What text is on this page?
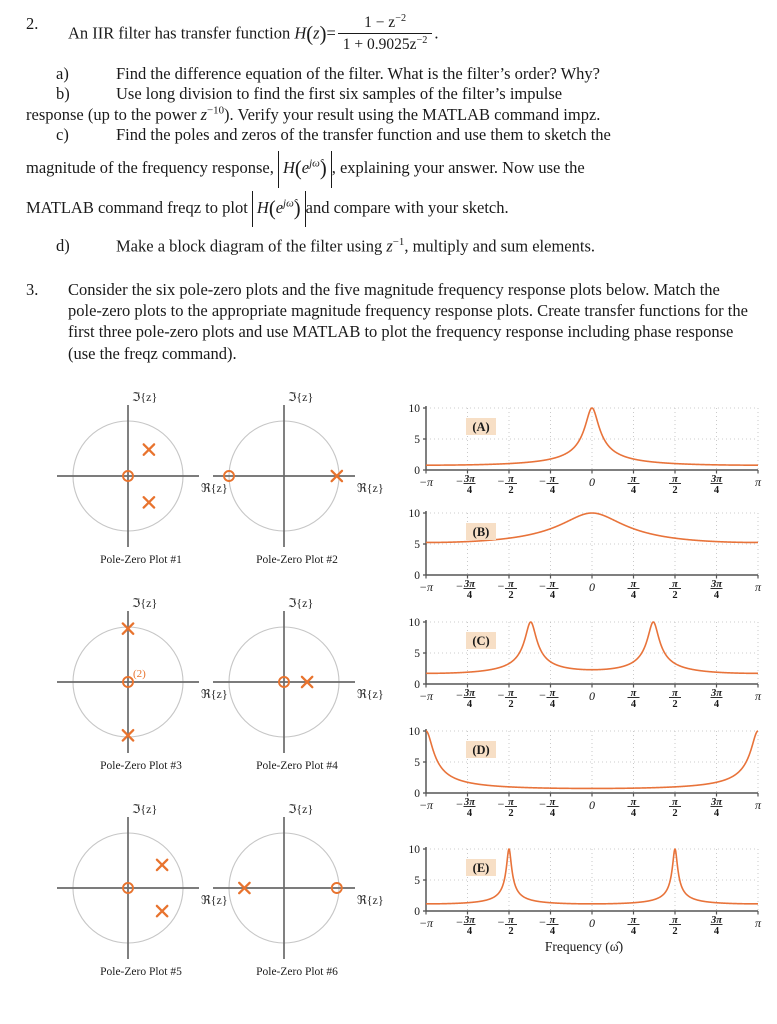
2.	An IIR filter has transfer function $H(z)= \frac{1 - z^{-2}}{1 + 0.9025z^{-2}}$ .
a)	Find the difference equation of the filter. What is the filter’s order? Why?
b)	Use long division to find the first six samples of the filter’s impulse
response (up to the power $z^{-10}$). Verify your result using the MATLAB command impz.
c)	Find the poles and zeros of the transfer function and use them to sketch the
magnitude of the frequency response, $H(e^{j\omegâ})$ , explaining your answer. Now use the
MATLAB command freqz to plot $H(e^{j\omegâ})$ and compare with your sketch.
d)	Make a block diagram of the filter using $z^{-1}$, multiply and sum elements.
3.	Consider the six pole-zero plots and the five magnitude frequency response plots below. Match the pole-zero plots to the appropriate magnitude frequency response plots. Create transfer functions for the first three pole-zero plots and use MATLAB to plot the frequency response including phase response (use the freqz command).
ℑ{z}
ℜ{z}
Pole-Zero Plot #1
ℑ{z}
ℜ{z}
Pole-Zero Plot #2
ℑ{z}
ℜ{z}
(2)
Pole-Zero Plot #3
ℑ{z}
ℜ{z}
Pole-Zero Plot #4
ℑ{z}
ℜ{z}
Pole-Zero Plot #5
ℑ{z}
ℜ{z}
Pole-Zero Plot #6
0
5
10
(A)
−π − 3π
4
− π
2
− π
4
0	π
4
π
2
3π
4
π
0
5
10
(B)
−π − 3π
4
− π
2
− π
4
0	π
4
π
2
3π
4
π
0
5
10
(C)
−π − 3π
4
− π
2
− π
4
0	π
4
π
2
3π
4
π
0
5
10
(D)
−π − 3π
4
− π
2
− π
4
0	π
4
π
2
3π
4
π
0
5
10
(E)
−π − 3π
4
− π
2
− π
4
0	π
4
π
2
3π
4
π
Frequency (ω̂)
